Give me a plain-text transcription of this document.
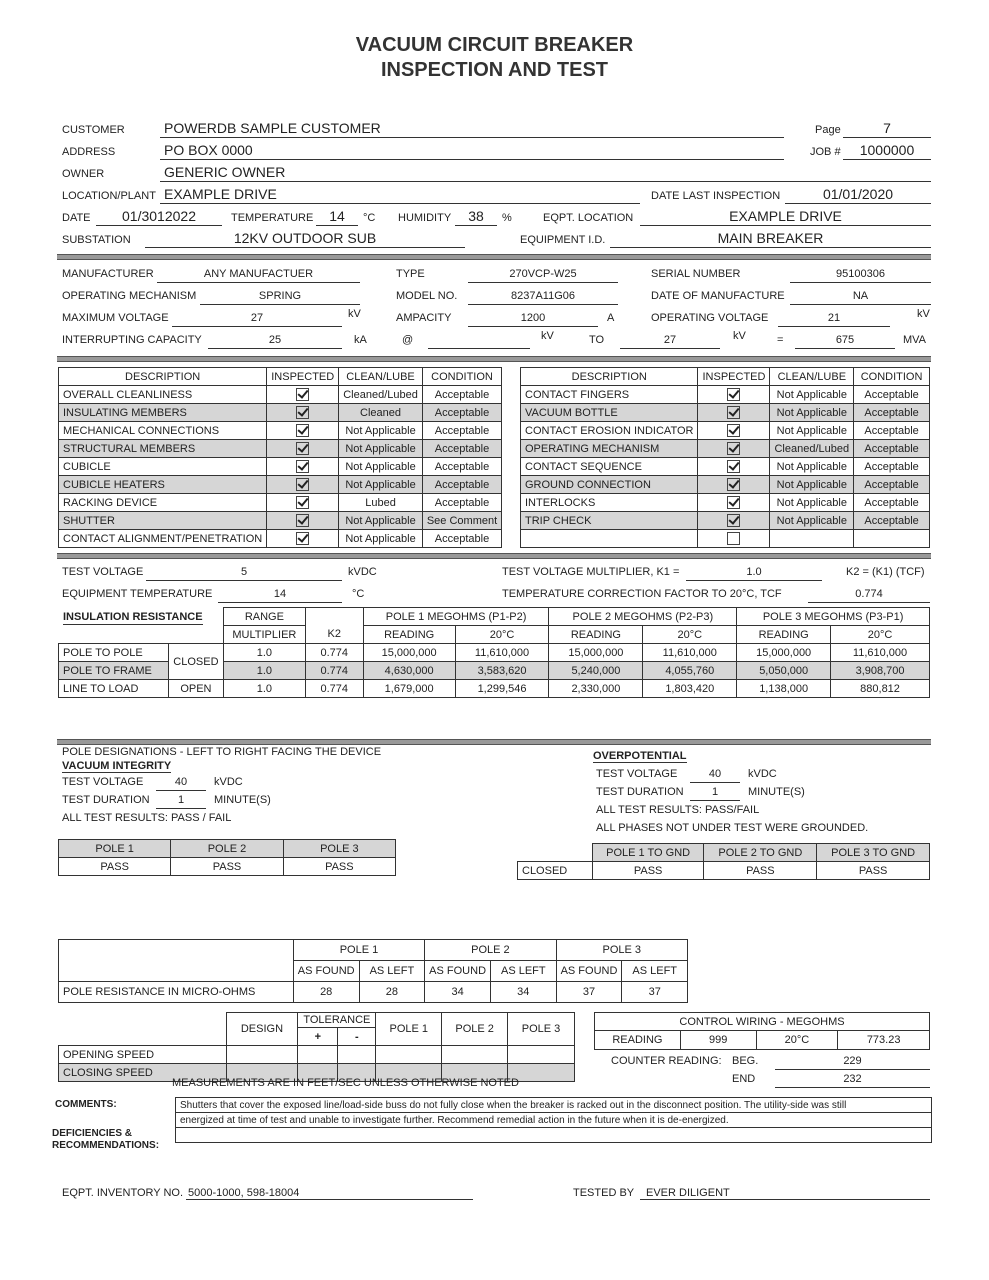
VACUUM CIRCUIT BREAKER
INSPECTION AND TEST
CUSTOMER	POWERDB SAMPLE CUSTOMER	Page	7
ADDRESS	PO BOX 0000	JOB #	1000000
OWNER	GENERIC OWNER
LOCATION/PLANT EXAMPLE DRIVE	DATE LAST INSPECTION	01/01/2020
DATE	01/3012022	TEMPERATURE	14	°C HUMIDITY	38	%	EQPT. LOCATION	EXAMPLE DRIVE
SUBSTATION	12KV OUTDOOR SUB	EQUIPMENT I.D.	MAIN BREAKER
MANUFACTURER	ANY MANUFACTUER	TYPE	270VCP-W25	SERIAL NUMBER	95100306
OPERATING MECHANISM	SPRING	MODEL NO.	8237A11G06	DATE OF MANUFACTURE	NA
MAXIMUM VOLTAGE	27	kV	AMPACITY	1200	A	OPERATING VOLTAGE	21	kV
INTERRUPTING CAPACITY	25	kA	@	kV	TO	27	kV	=	675	MVA
DESCRIPTION	INSPECTED	CLEAN/LUBE	CONDITION
OVERALL CLEANLINESS		Cleaned/Lubed	Acceptable
INSULATING MEMBERS		Cleaned	Acceptable
MECHANICAL CONNECTIONS		Not Applicable	Acceptable
STRUCTURAL MEMBERS		Not Applicable	Acceptable
CUBICLE		Not Applicable	Acceptable
CUBICLE HEATERS		Not Applicable	Acceptable
RACKING DEVICE		Lubed	Acceptable
SHUTTER		Not Applicable	See Comment
CONTACT ALIGNMENT/PENETRATION		Not Applicable	Acceptable
DESCRIPTION	INSPECTED	CLEAN/LUBE	CONDITION
CONTACT FINGERS		Not Applicable	Acceptable
VACUUM BOTTLE		Not Applicable	Acceptable
CONTACT EROSION INDICATOR		Not Applicable	Acceptable
OPERATING MECHANISM		Cleaned/Lubed	Acceptable
CONTACT SEQUENCE		Not Applicable	Acceptable
GROUND CONNECTION		Not Applicable	Acceptable
INTERLOCKS		Not Applicable	Acceptable
TRIP CHECK		Not Applicable	Acceptable

TEST VOLTAGE	5	kVDC	TEST VOLTAGE MULTIPLIER, K1 =	1.0	K2 = (K1) (TCF)
EQUIPMENT TEMPERATURE	14	°C	TEMPERATURE CORRECTION FACTOR TO 20°C, TCF	0.774
INSULATION RESISTANCE
			RANGE		POLE 1 MEGOHMS (P1-P2)		POLE 2 MEGOHMS (P2-P3)		POLE 3 MEGOHMS (P3-P1)	
		MULTIPLIER	K2	READING	20°C	READING	20°C	READING	20°C
POLE TO POLE	CLOSED	1.0	0.774	15,000,000	11,610,000	15,000,000	11,610,000	15,000,000	11,610,000
POLE TO FRAME		1.0	0.774	4,630,000	3,583,620	5,240,000	4,055,760	5,050,000	3,908,700
LINE TO LOAD	OPEN	1.0	0.774	1,679,000	1,299,546	2,330,000	1,803,420	1,138,000	880,812
POLE DESIGNATIONS - LEFT TO RIGHT FACING THE DEVICE
VACUUM INTEGRITY
TEST VOLTAGE	40	kVDC
TEST DURATION	1	MINUTE(S)
ALL TEST RESULTS: PASS / FAIL
POLE 1	POLE 2	POLE 3
PASS	PASS	PASS
OVERPOTENTIAL
TEST VOLTAGE	40	kVDC
TEST DURATION	1	MINUTE(S)
ALL TEST RESULTS: PASS/FAIL
ALL PHASES NOT UNDER TEST WERE GROUNDED.
	POLE 1 TO GND	POLE 2 TO GND	POLE 3 TO GND
CLOSED	PASS	PASS	PASS
	POLE 1		POLE 2		POLE 3	
	AS FOUND	AS LEFT	AS FOUND	AS LEFT	AS FOUND	AS LEFT
POLE RESISTANCE IN MICRO-OHMS	28	28	34	34	37	37
	DESIGN	TOLERANCE		POLE 1	POLE 2	POLE 3
		+	-			
OPENING SPEED						
CLOSING SPEED						
MEASUREMENTS ARE IN FEET/SEC UNLESS OTHERWISE NOTED
CONTROL WIRING - MEGOHMS
READING	999	20°C	773.23
COUNTER READING: BEG.	229
END	232
COMMENTS:
DEFICIENCIES &
RECOMMENDATIONS:
Shutters that cover the exposed line/load-side buss do not fully close when the breaker is racked out in the disconnect position. The utility-side was still
energized at time of test and unable to investigate further. Recommend remedial action in the future when it is de-energized.
EQPT. INVENTORY NO. 5000-1000, 598-18004	TESTED BY EVER DILIGENT
